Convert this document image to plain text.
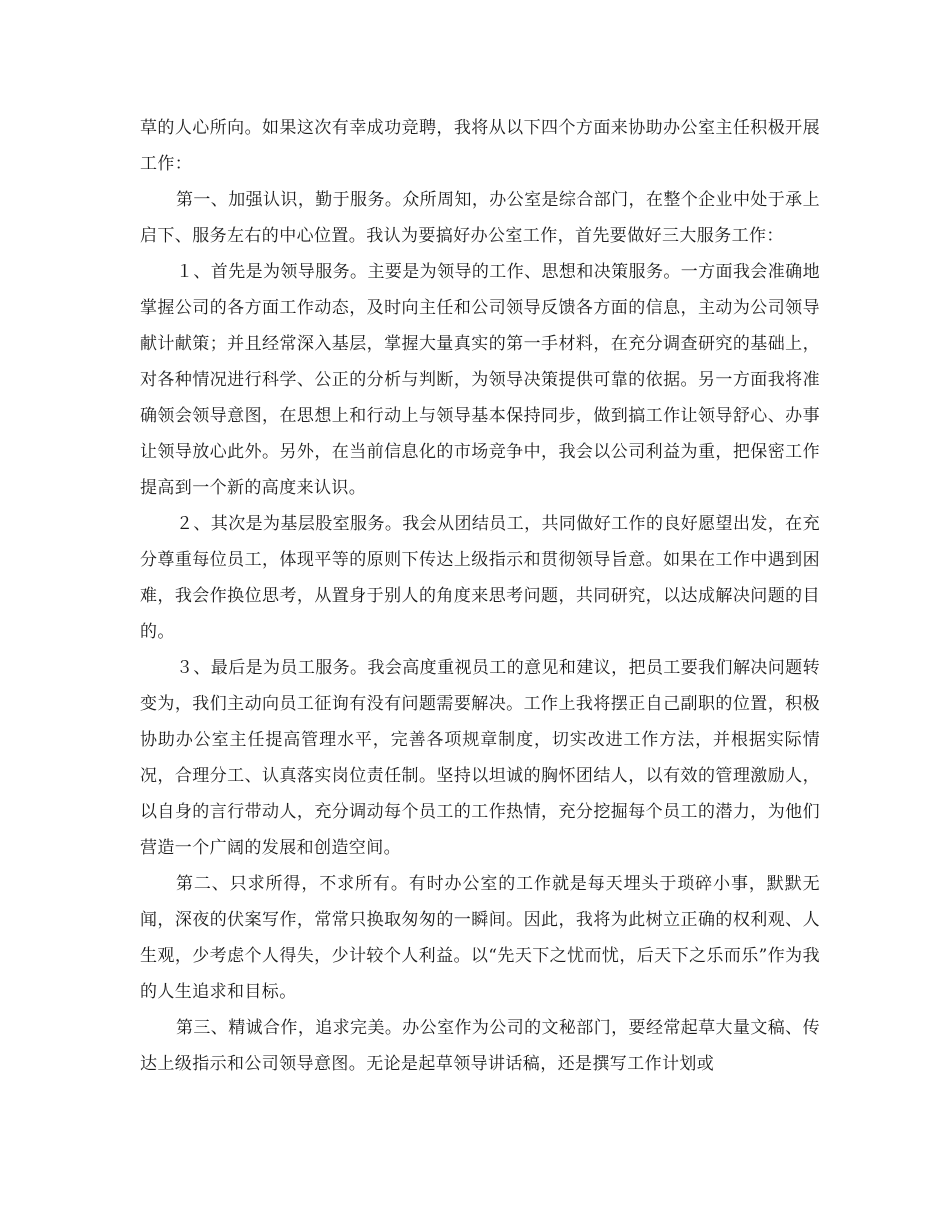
草的人心所向。如果这次有幸成功竞聘，我将从以下四个方面来协助办公室主任积极开展工作：

第一、加强认识，勤于服务。众所周知，办公室是综合部门，在整个企业中处于承上启下、服务左右的中心位置。我认为要搞好办公室工作，首先要做好三大服务工作：

１、首先是为领导服务。主要是为领导的工作、思想和决策服务。一方面我会准确地掌握公司的各方面工作动态，及时向主任和公司领导反馈各方面的信息，主动为公司领导献计献策；并且经常深入基层，掌握大量真实的第一手材料，在充分调查研究的基础上，对各种情况进行科学、公正的分析与判断，为领导决策提供可靠的依据。另一方面我将准确领会领导意图，在思想上和行动上与领导基本保持同步，做到搞工作让领导舒心、办事让领导放心此外。另外，在当前信息化的市场竞争中，我会以公司利益为重，把保密工作提高到一个新的高度来认识。

２、其次是为基层股室服务。我会从团结员工，共同做好工作的良好愿望出发，在充分尊重每位员工，体现平等的原则下传达上级指示和贯彻领导旨意。如果在工作中遇到困难，我会作换位思考，从置身于别人的角度来思考问题，共同研究，以达成解决问题的目的。

３、最后是为员工服务。我会高度重视员工的意见和建议，把员工要我们解决问题转变为，我们主动向员工征询有没有问题需要解决。工作上我将摆正自己副职的位置，积极协助办公室主任提高管理水平，完善各项规章制度，切实改进工作方法，并根据实际情况，合理分工、认真落实岗位责任制。坚持以坦诚的胸怀团结人，以有效的管理激励人，以自身的言行带动人，充分调动每个员工的工作热情，充分挖掘每个员工的潜力，为他们营造一个广阔的发展和创造空间。

第二、只求所得，不求所有。有时办公室的工作就是每天埋头于琐碎小事，默默无闻，深夜的伏案写作，常常只换取匆匆的一瞬间。因此，我将为此树立正确的权利观、人生观，少考虑个人得失，少计较个人利益。以“先天下之忧而忧，后天下之乐而乐”作为我的人生追求和目标。

第三、精诚合作，追求完美。办公室作为公司的文秘部门，要经常起草大量文稿、传达上级指示和公司领导意图。无论是起草领导讲话稿，还是撰写工作计划或
